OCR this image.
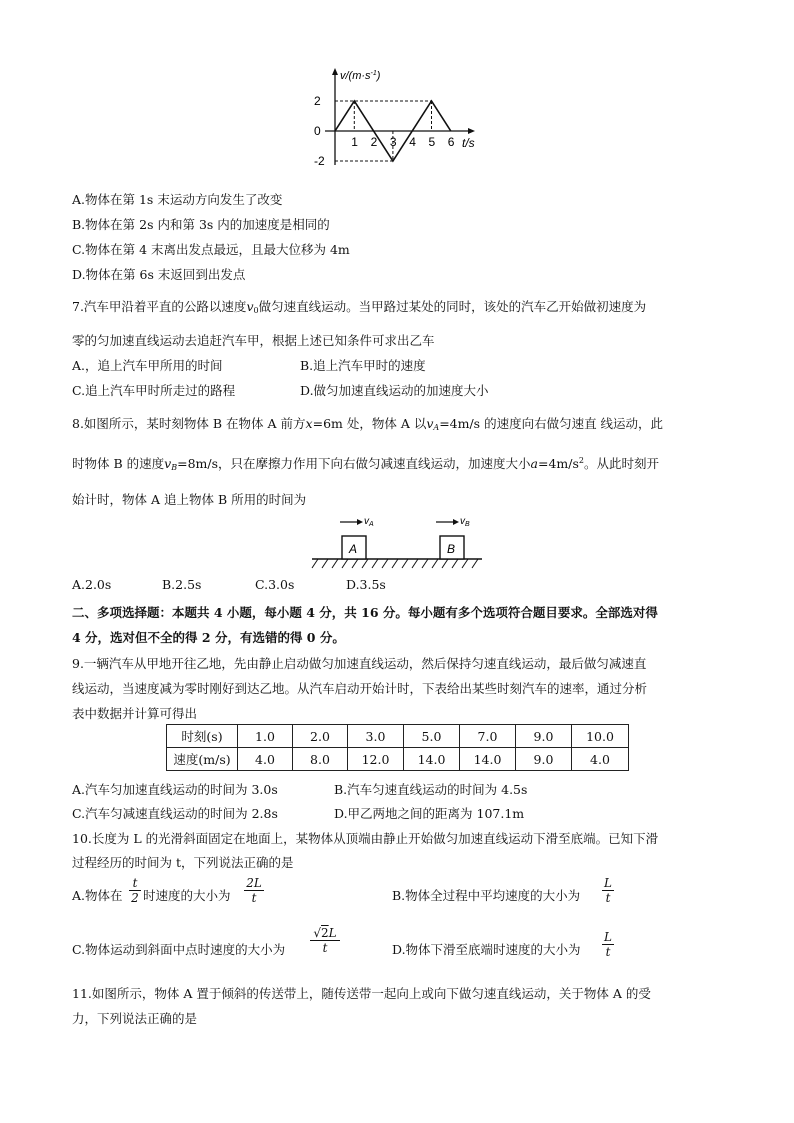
2
0
-2
1 2 3 4 5 6
$v/(m\cdot s^{-1})$
t/s
A.物体在第 1s 末运动方向发生了改变
B.物体在第 2s 内和第 3s 内的加速度是相同的
C.物体在第 4 末离出发点最远，且最大位移为 4m
D.物体在第 6s 末返回到出发点
7.汽车甲沿着平直的公路以速度$v_0$做匀速直线运动。当甲路过某处的同时，该处的汽车乙开始做初速度为
零的匀加速直线运动去追赶汽车甲，根据上述已知条件可求出乙车
A.，追上汽车甲所用的时间	B.追上汽车甲时的速度
C.追上汽车甲时所走过的路程	D.做匀加速直线运动的加速度大小
8.如图所示，某时刻物体 B 在物体 A 前方x=6m 处，物体 A 以$v_A=4m/s$ 的速度向右做匀速直 线运动，此
时物体 B 的速度$v_B=8m/s$，只在摩擦力作用下向右做匀减速直线运动，加速度大小$a=4m/s^2$。从此时刻开
始计时，物体 A 追上物体 B 所用的时间为
A	B
$v_A$	$v_B$
A.2.0s	B.2.5s	C.3.0s	D.3.5s
二、多项选择题：本题共 4 小题，每小题 4 分，共 16 分。每小题有多个选项符合题目要求。全部选对得
4 分，选对但不全的得 2 分，有选错的得 0 分。
9.一辆汽车从甲地开往乙地，先由静止启动做匀加速直线运动，然后保持匀速直线运动，最后做匀减速直
线运动，当速度减为零时刚好到达乙地。从汽车启动开始计时，下表给出某些时刻汽车的速率，通过分析
表中数据并计算可得出
时刻(s)	1.0	2.0	3.0	5.0	7.0	9.0	10.0
速度(m/s)	4.0	8.0	12.0	14.0	14.0	9.0	4.0
A.汽车匀加速直线运动的时间为 3.0s	B.汽车匀速直线运动的时间为 4.5s
C.汽车匀减速直线运动的时间为 2.8s	D.甲乙两地之间的距离为 107.1m
10.长度为 L 的光滑斜面固定在地面上，某物体从顶端由静止开始做匀加速直线运动下滑至底端。已知下滑
过程经历的时间为 t，下列说法正确的是
A.物体在 $\frac{t}{2}$ 时速度的大小为 $\frac{2L}{t}$	B.物体全过程中平均速度的大小为 $\frac{L}{t}$
C.物体运动到斜面中点时速度的大小为 $\frac{√2L}{t}$	D.物体下滑至底端时速度的大小为 $\frac{L}{t}$
11.如图所示，物体 A 置于倾斜的传送带上，随传送带一起向上或向下做匀速直线运动，关于物体 A 的受
力，下列说法正确的是
